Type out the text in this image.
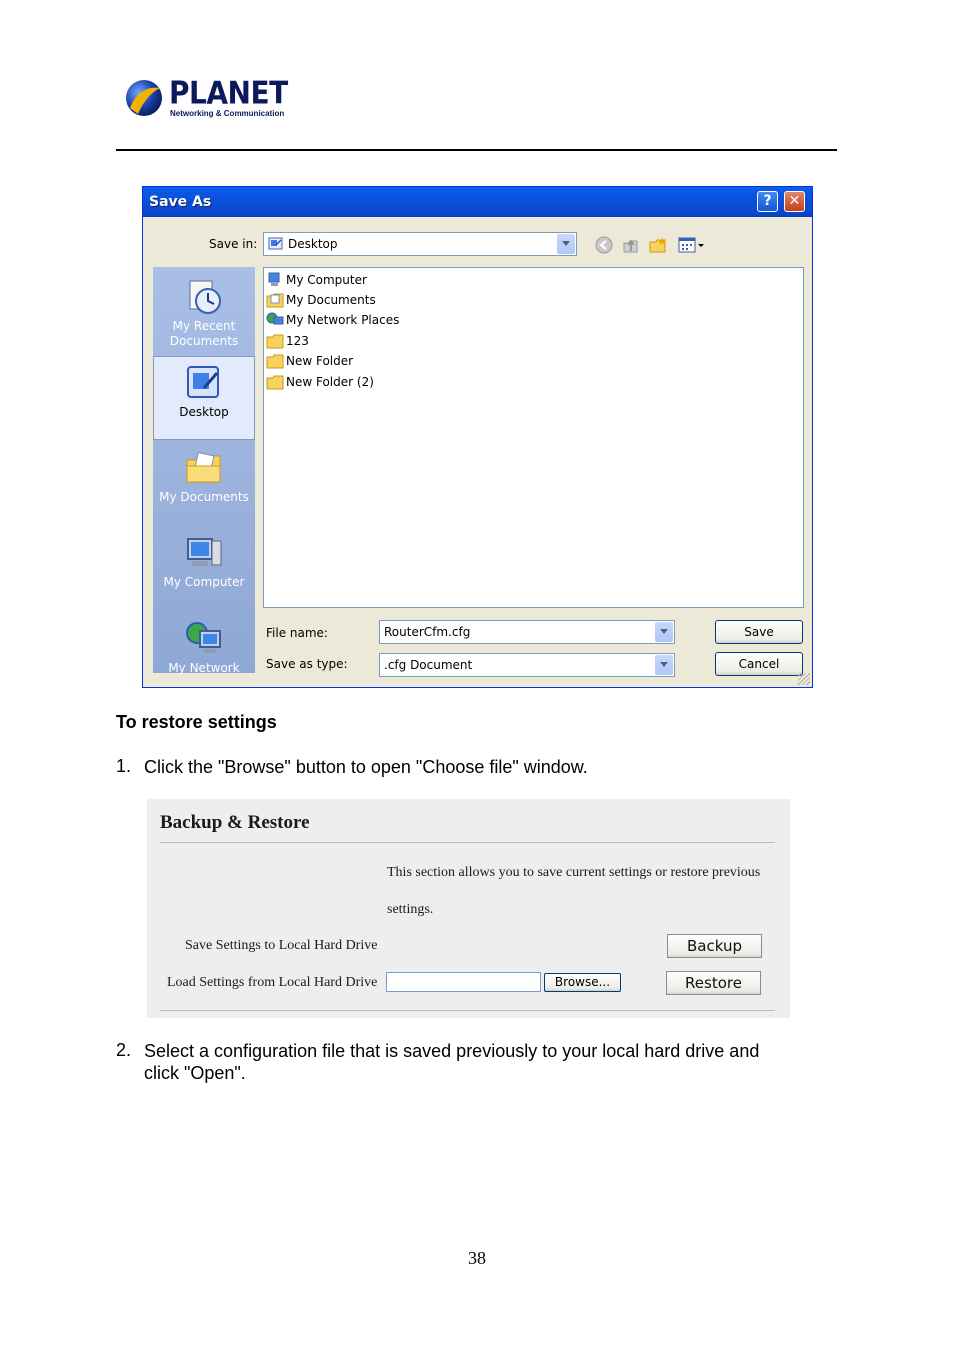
PLANET
Networking & Communication
Save As	?	✕
Save in:	Desktop
My Recent Documents
Desktop
My Documents
My Computer
My Network
My Computer
My Documents
My Network Places
123
New Folder
New Folder (2)
File name:	RouterCfm.cfg
Save as type:	.cfg Document
Save
Cancel
To restore settings
1. Click the "Browse" button to open "Choose file" window.
Backup & Restore
This section allows you to save current settings or restore previous
settings.
Save Settings to Local Hard Drive	Backup
Load Settings from Local Hard Drive	Browse...	Restore
2. Select a configuration file that is saved previously to your local hard drive and
click "Open".
38
